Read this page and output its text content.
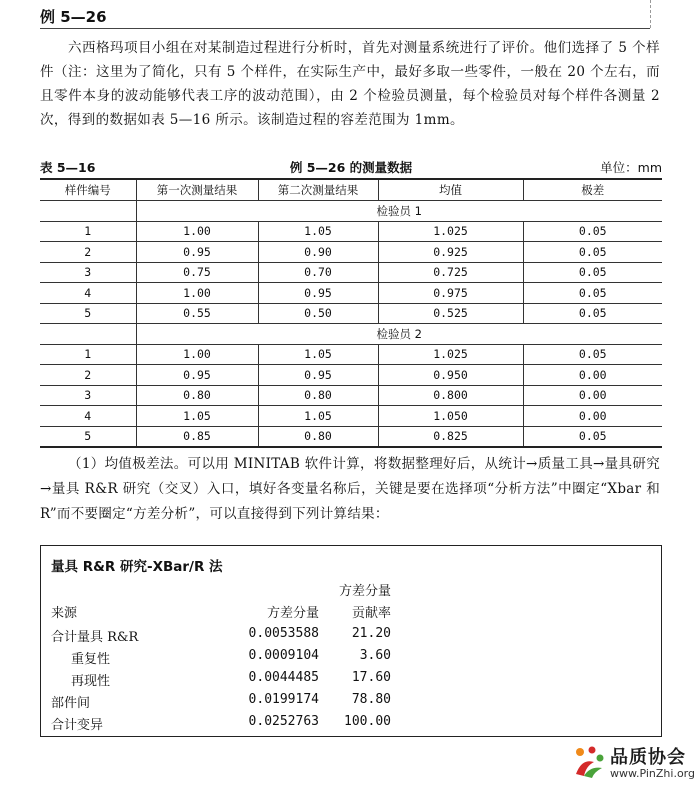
例 5—26
六西格玛项目小组在对某制造过程进行分析时，首先对测量系统进行了评价。他们选择了 5 个样件（注：这里为了简化，只有 5 个样件，在实际生产中，最好多取一些零件，一般在 20 个左右，而且零件本身的波动能够代表工序的波动范围），由 2 个检验员测量，每个检验员对每个样件各测量 2 次，得到的数据如表 5—16 所示。该制造过程的容差范围为 1mm。
表 5—16	例 5—26 的测量数据	单位：mm
样件编号	第一次测量结果	第二次测量结果	均值	极差
	检验员 1			
1	1.00	1.05	1.025	0.05
2	0.95	0.90	0.925	0.05
3	0.75	0.70	0.725	0.05
4	1.00	0.95	0.975	0.05
5	0.55	0.50	0.525	0.05
	检验员 2			
1	1.00	1.05	1.025	0.05
2	0.95	0.95	0.950	0.00
3	0.80	0.80	0.800	0.00
4	1.05	1.05	1.050	0.00
5	0.85	0.80	0.825	0.05
（1）均值极差法。可以用 MINITAB 软件计算，将数据整理好后，从统计→质量工具→量具研究→量具 R&R 研究（交叉）入口，填好各变量名称后，关键是要在选择项“分析方法”中圈定“Xbar 和 R”而不要圈定“方差分析”，可以直接得到下列计算结果：
量具 R&R 研究-XBar/R 法
方差分量
来源	方差分量	贡献率
合计量具 R&R	0.0053588	21.20
重复性	0.0009104	3.60
再现性	0.0044485	17.60
部件间	0.0199174	78.80
合计变异	0.0252763	100.00
品质协会
www.PinZhi.org
